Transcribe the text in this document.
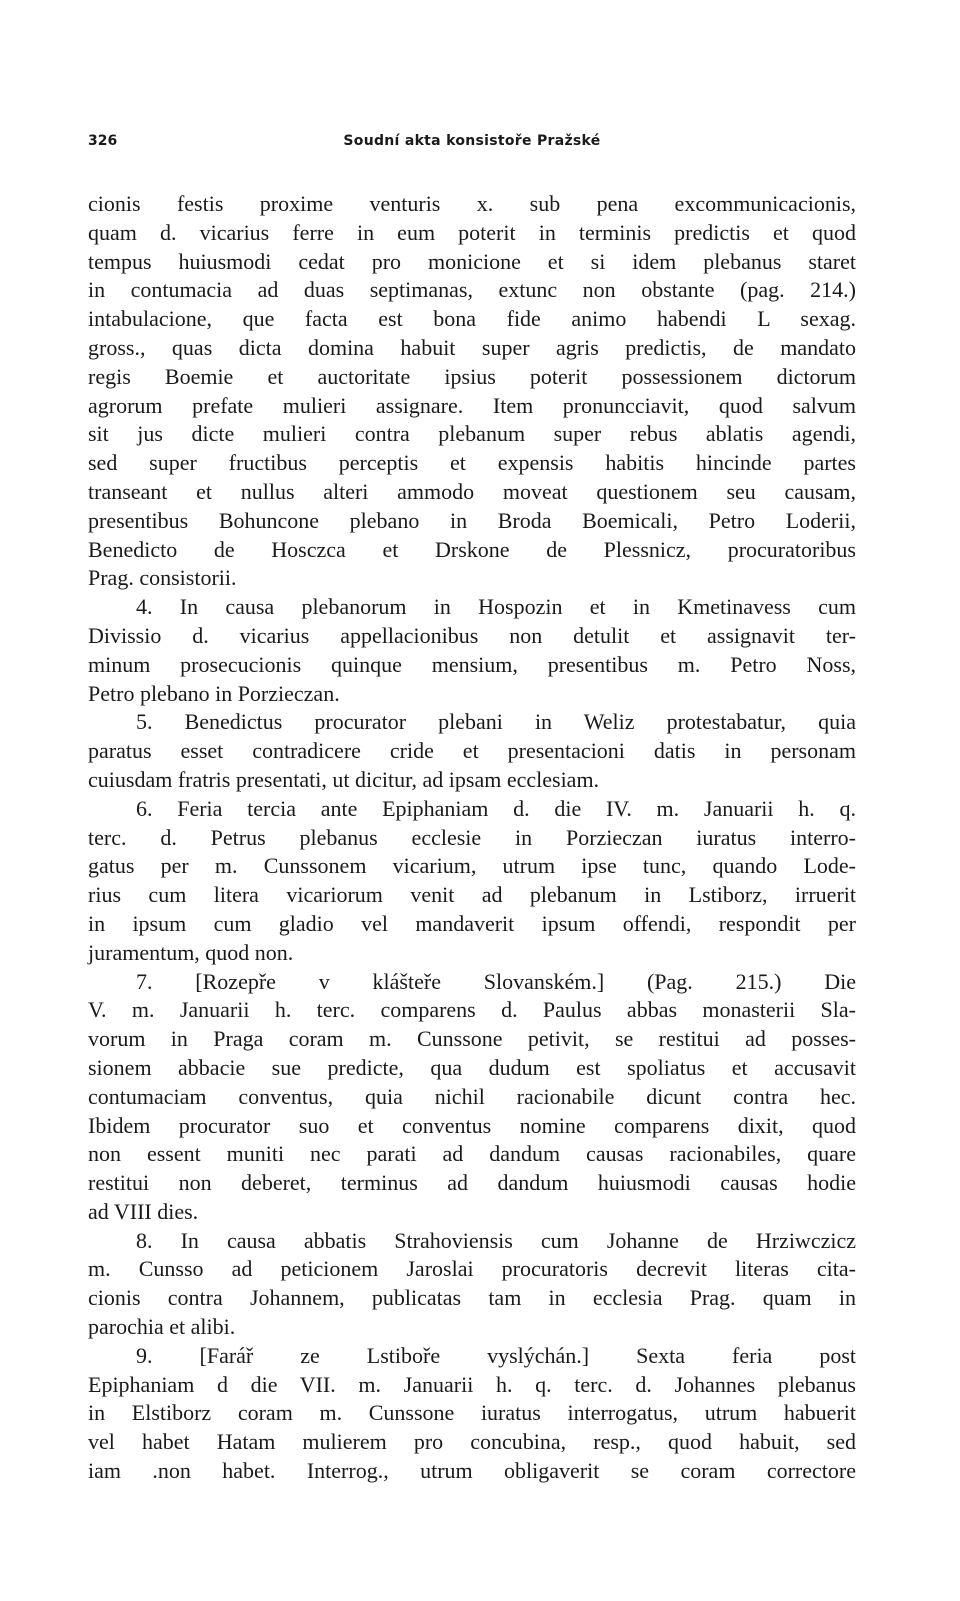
326	Soudní akta konsistoře Pražské
cionis festis proxime venturis x. sub pena excommunicacionis,
quam d. vicarius ferre in eum poterit in terminis predictis et quod
tempus huiusmodi cedat pro monicione et si idem plebanus staret
in contumacia ad duas septimanas, extunc non obstante (pag. 214.)
intabulacione, que facta est bona fide animo habendi L sexag.
gross., quas dicta domina habuit super agris predictis, de mandato
regis Boemie et auctoritate ipsius poterit possessionem dictorum
agrorum prefate mulieri assignare. Item pronuncciavit, quod salvum
sit jus dicte mulieri contra plebanum super rebus ablatis agendi,
sed super fructibus perceptis et expensis habitis hincinde partes
transeant et nullus alteri ammodo moveat questionem seu causam,
presentibus Bohuncone plebano in Broda Boemicali, Petro Loderii,
Benedicto de Hosczca et Drskone de Plessnicz, procuratoribus
Prag. consistorii.
4. In causa plebanorum in Hospozin et in Kmetinavess cum
Divissio d. vicarius appellacionibus non detulit et assignavit ter-
minum prosecucionis quinque mensium, presentibus m. Petro Noss,
Petro plebano in Porzieczan.
5. Benedictus procurator plebani in Weliz protestabatur, quia
paratus esset contradicere cride et presentacioni datis in personam
cuiusdam fratris presentati, ut dicitur, ad ipsam ecclesiam.
6. Feria tercia ante Epiphaniam d. die IV. m. Januarii h. q.
terc. d. Petrus plebanus ecclesie in Porzieczan iuratus interro-
gatus per m. Cunssonem vicarium, utrum ipse tunc, quando Lode-
rius cum litera vicariorum venit ad plebanum in Lstiborz, irruerit
in ipsum cum gladio vel mandaverit ipsum offendi, respondit per
juramentum, quod non.
7. [Rozepře v klášteře Slovanském.] (Pag. 215.) Die
V. m. Januarii h. terc. comparens d. Paulus abbas monasterii Sla-
vorum in Praga coram m. Cunssone petivit, se restitui ad posses-
sionem abbacie sue predicte, qua dudum est spoliatus et accusavit
contumaciam conventus, quia nichil racionabile dicunt contra hec.
Ibidem procurator suo et conventus nomine comparens dixit, quod
non essent muniti nec parati ad dandum causas racionabiles, quare
restitui non deberet, terminus ad dandum huiusmodi causas hodie
ad VIII dies.
8. In causa abbatis Strahoviensis cum Johanne de Hrziwczicz
m. Cunsso ad peticionem Jaroslai procuratoris decrevit literas cita-
cionis contra Johannem, publicatas tam in ecclesia Prag. quam in
parochia et alibi.
9. [Farář ze Lstiboře vyslýchán.] Sexta feria post
Epiphaniam d die VII. m. Januarii h. q. terc. d. Johannes plebanus
in Elstiborz coram m. Cunssone iuratus interrogatus, utrum habuerit
vel habet Hatam mulierem pro concubina, resp., quod habuit, sed
iam .non habet. Interrog., utrum obligaverit se coram correctore
